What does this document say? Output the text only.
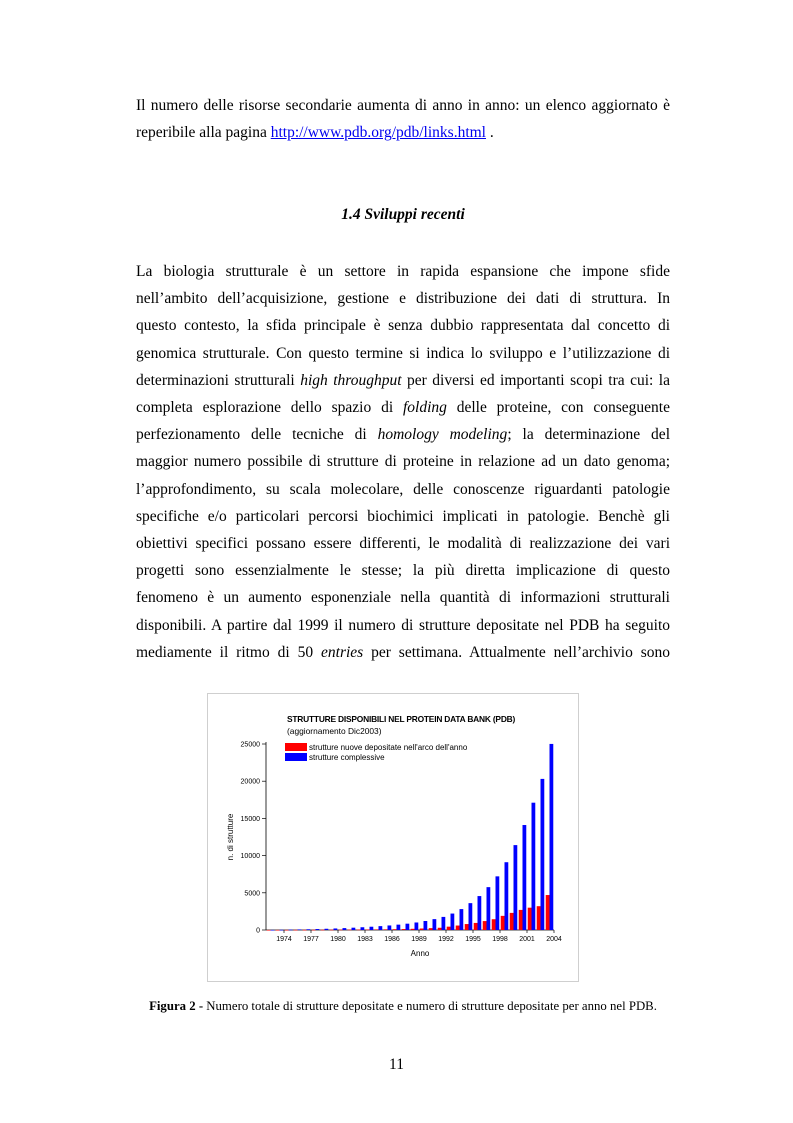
Il numero delle risorse secondarie aumenta di anno in anno: un elenco aggiornato è
reperibile alla pagina http://www.pdb.org/pdb/links.html .
1.4 Sviluppi recenti
La biologia strutturale è un settore in rapida espansione che impone sfide
nell’ambito dell’acquisizione, gestione e distribuzione dei dati di struttura. In
questo contesto, la sfida principale è senza dubbio rappresentata dal concetto di
genomica strutturale. Con questo termine si indica lo sviluppo e l’utilizzazione di
determinazioni strutturali high throughput per diversi ed importanti scopi tra cui: la
completa esplorazione dello spazio di folding delle proteine, con conseguente
perfezionamento delle tecniche di homology modeling; la determinazione del
maggior numero possibile di strutture di proteine in relazione ad un dato genoma;
l’approfondimento, su scala molecolare, delle conoscenze riguardanti patologie
specifiche e/o particolari percorsi biochimici implicati in patologie. Benchè gli
obiettivi specifici possano essere differenti, le modalità di realizzazione dei vari
progetti sono essenzialmente le stesse; la più diretta implicazione di questo
fenomeno è un aumento esponenziale nella quantità di informazioni strutturali
disponibili. A partire dal 1999 il numero di strutture depositate nel PDB ha seguito
mediamente il ritmo di 50 entries per settimana. Attualmente nell’archivio sono
STRUTTURE DISPONIBILI NEL PROTEIN DATA BANK (PDB)
(aggiornamento Dic2003)
0
5000
10000
15000
20000
25000
1974 1977 1980 1983 1986 1989 1992 1995 1998 2001 2004
Anno
n. di strutture
strutture nuove depositate nell'arco dell'anno
strutture complessive
Figura 2 - Numero totale di strutture depositate e numero di strutture depositate per anno nel PDB.
11
